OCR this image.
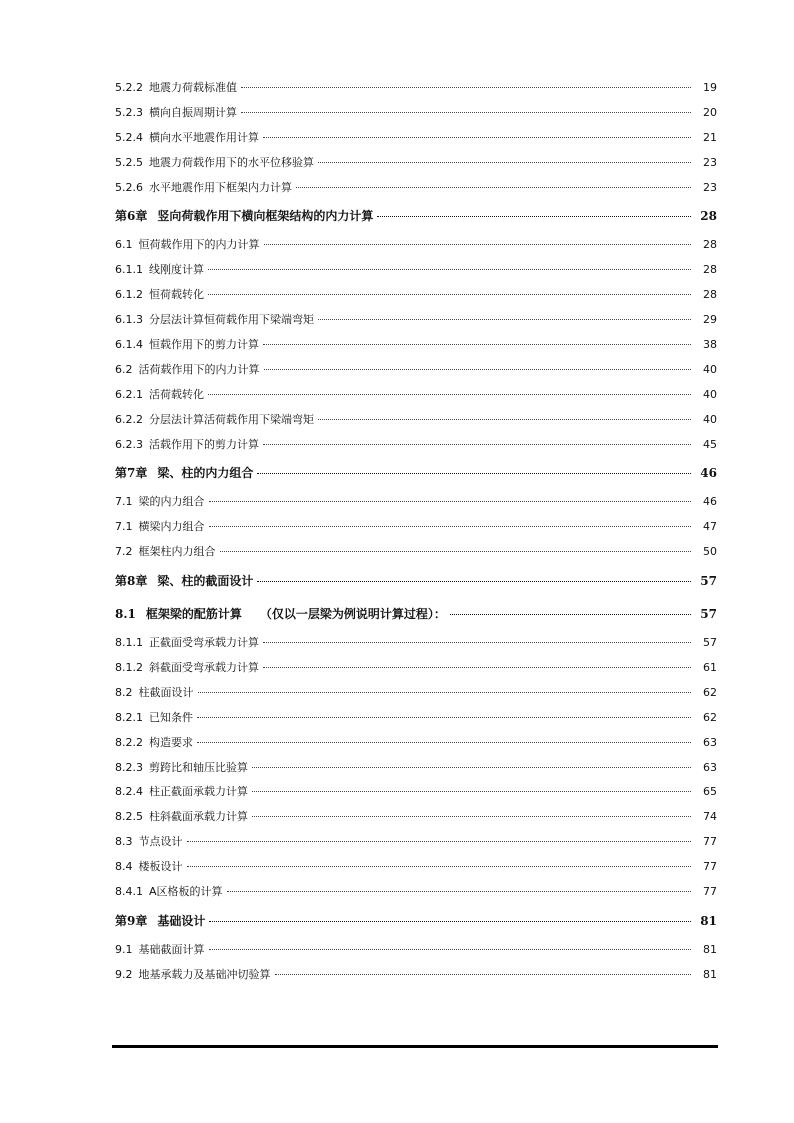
5.2.2 地震力荷载标准值	19
5.2.3 横向自振周期计算	20
5.2.4 横向水平地震作用计算	21
5.2.5 地震力荷载作用下的水平位移验算	23
5.2.6 水平地震作用下框架内力计算	23
第6章 竖向荷载作用下横向框架结构的内力计算	28
6.1 恒荷载作用下的内力计算	28
6.1.1 线刚度计算	28
6.1.2 恒荷载转化	28
6.1.3 分层法计算恒荷载作用下梁端弯矩	29
6.1.4 恒载作用下的剪力计算	38
6.2 活荷载作用下的内力计算	40
6.2.1 活荷载转化	40
6.2.2 分层法计算活荷载作用下梁端弯矩	40
6.2.3 活载作用下的剪力计算	45
第7章 梁、柱的内力组合	46
7.1 梁的内力组合	46
7.1 横梁内力组合	47
7.2 框架柱内力组合	50
第8章 梁、柱的截面设计	57
8.1 框架梁的配筋计算　　（仅以一层梁为例说明计算过程）：	57
8.1.1 正截面受弯承载力计算	57
8.1.2 斜截面受弯承载力计算	61
8.2 柱截面设计	62
8.2.1 已知条件	62
8.2.2 构造要求	63
8.2.3 剪跨比和轴压比验算	63
8.2.4 柱正截面承载力计算	65
8.2.5 柱斜截面承载力计算	74
8.3 节点设计	77
8.4 楼板设计	77
8.4.1 A区格板的计算	77
第9章 基础设计	81
9.1 基础截面计算	81
9.2 地基承载力及基础冲切验算	81
